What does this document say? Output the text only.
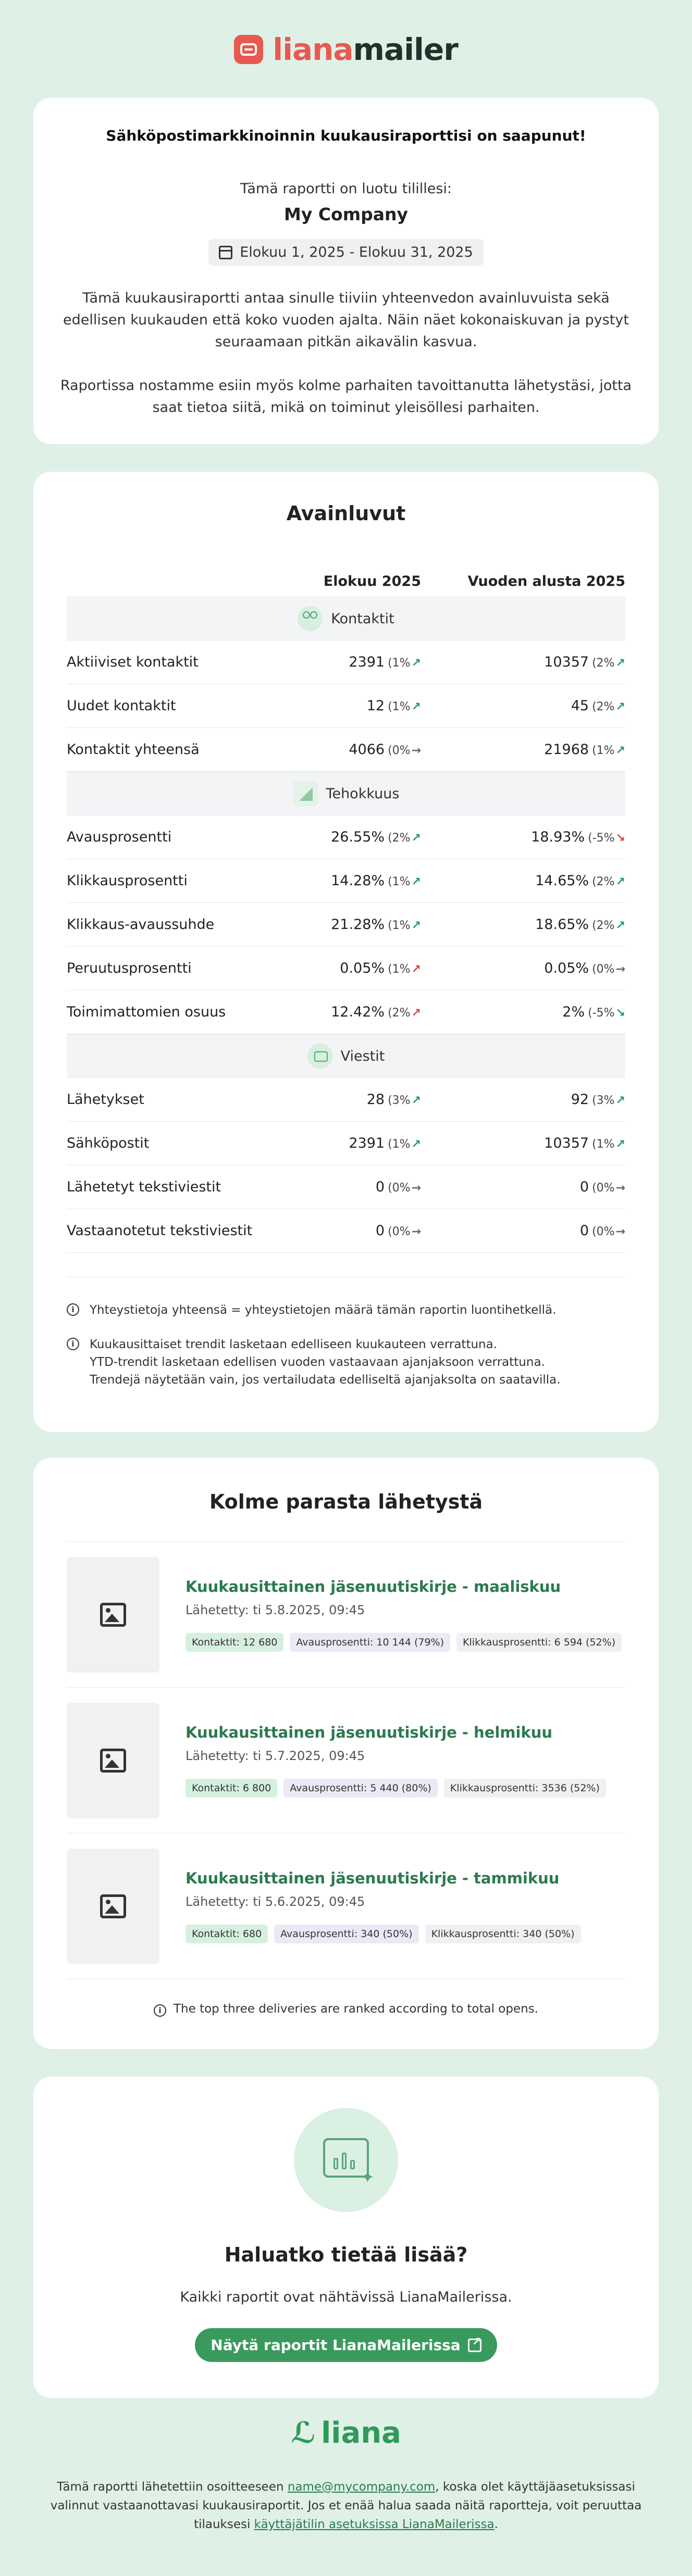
lianamailer
Sähköpostimarkkinoinnin kuukausiraporttisi on saapunut!
Tämä raportti on luotu tilillesi:
My Company
Elokuu 1, 2025 - Elokuu 31, 2025
Tämä kuukausiraportti antaa sinulle tiiviin yhteenvedon avainluvuista sekä edellisen kuukauden että koko vuoden ajalta. Näin näet kokonaiskuvan ja pystyt seuraamaan pitkän aikavälin kasvua.
Raportissa nostamme esiin myös kolme parhaiten tavoittanutta lähetystäsi, jotta saat tietoa siitä, mikä on toiminut yleisöllesi parhaiten.
Avainluvut
Elokuu 2025	Vuoden alusta 2025
Kontaktit
Aktiiviset kontaktit	2391 (1%↗	10357 (2%↗
Uudet kontaktit	12 (1%↗	45 (2%↗
Kontaktit yhteensä	4066 (0%→	21968 (1%↗
Tehokkuus
Avausprosentti	26.55% (2%↗	18.93% (-5%↘
Klikkausprosentti	14.28% (1%↗	14.65% (2%↗
Klikkaus-avaussuhde	21.28% (1%↗	18.65% (2%↗
Peruutusprosentti	0.05% (1%↗	0.05% (0%→
Toimimattomien osuus	12.42% (2%↗	2% (-5%↘
Viestit
Lähetykset	28 (3%↗	92 (3%↗
Sähköpostit	2391 (1%↗	10357 (1%↗
Lähetetyt tekstiviestit	0 (0%→	0 (0%→
Vastaanotetut tekstiviestit	0 (0%→	0 (0%→
i	Yhteystietoja yhteensä = yhteystietojen määrä tämän raportin luontihetkellä.
i	Kuukausittaiset trendit lasketaan edelliseen kuukauteen verrattuna.
YTD-trendit lasketaan edellisen vuoden vastaavaan ajanjaksoon verrattuna.
Trendejä näytetään vain, jos vertailudata edelliseltä ajanjaksolta on saatavilla.
Kolme parasta lähetystä
Kuukausittainen jäsenuutiskirje - maaliskuu
Lähetetty: ti 5.8.2025, 09:45
Kontaktit: 12 680	Avausprosentti: 10 144 (79%)	Klikkausprosentti: 6 594 (52%)
Kuukausittainen jäsenuutiskirje - helmikuu
Lähetetty: ti 5.7.2025, 09:45
Kontaktit: 6 800	Avausprosentti: 5 440 (80%)	Klikkausprosentti: 3536 (52%)
Kuukausittainen jäsenuutiskirje - tammikuu
Lähetetty: ti 5.6.2025, 09:45
Kontaktit: 680	Avausprosentti: 340 (50%)	Klikkausprosentti: 340 (50%)
i	The top three deliveries are ranked according to total opens.
✦
Haluatko tietää lisää?
Kaikki raportit ovat nähtävissä LianaMailerissa.
Näytä raportit LianaMailerissa
↗
ℒ liana
Tämä raportti lähetettiin osoitteeseen name@mycompany.com, koska olet käyttäjäasetuksissasi valinnut vastaanottavasi kuukausiraportit. Jos et enää halua saada näitä raportteja, voit peruuttaa tilauksesi käyttäjätilin asetuksissa LianaMailerissa.
